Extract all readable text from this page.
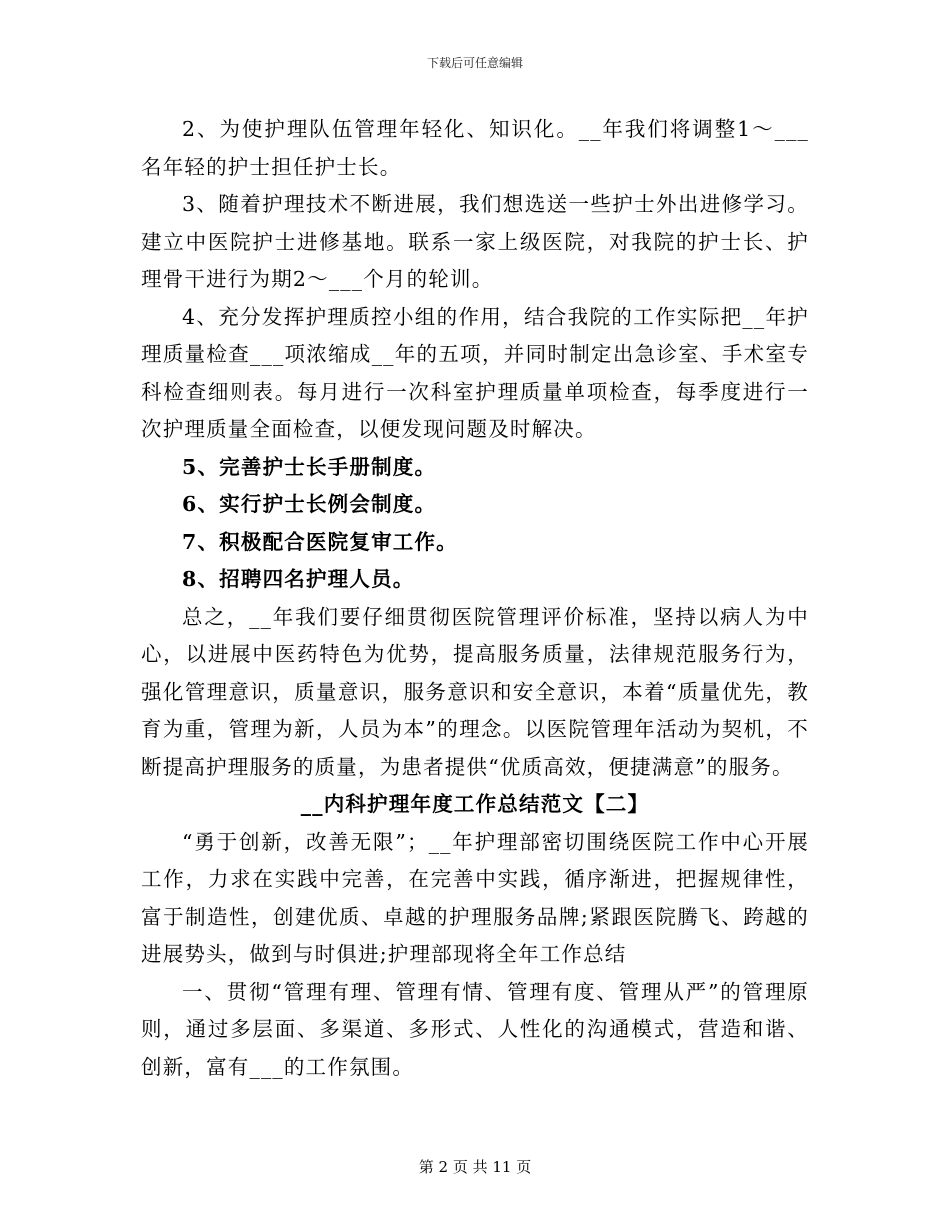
下载后可任意编辑

2、为使护理队伍管理年轻化、知识化。__年我们将调整1～___名年轻的护士担任护士长。

3、随着护理技术不断进展，我们想选送一些护士外出进修学习。建立中医院护士进修基地。联系一家上级医院，对我院的护士长、护理骨干进行为期2～___个月的轮训。

4、充分发挥护理质控小组的作用，结合我院的工作实际把__年护理质量检查___项浓缩成__年的五项，并同时制定出急诊室、手术室专科检查细则表。每月进行一次科室护理质量单项检查，每季度进行一次护理质量全面检查，以便发现问题及时解决。

5、完善护士长手册制度。

6、实行护士长例会制度。

7、积极配合医院复审工作。

8、招聘四名护理人员。

总之，__年我们要仔细贯彻医院管理评价标准，坚持以病人为中心，以进展中医药特色为优势，提高服务质量，法律规范服务行为，强化管理意识，质量意识，服务意识和安全意识，本着“质量优先，教育为重，管理为新，人员为本”的理念。以医院管理年活动为契机，不断提高护理服务的质量，为患者提供“优质高效，便捷满意”的服务。

__内科护理年度工作总结范文【二】

“勇于创新，改善无限”；__年护理部密切围绕医院工作中心开展工作，力求在实践中完善，在完善中实践，循序渐进，把握规律性，富于制造性，创建优质、卓越的护理服务品牌;紧跟医院腾飞、跨越的进展势头，做到与时俱进;护理部现将全年工作总结

一、贯彻“管理有理、管理有情、管理有度、管理从严”的管理原则，通过多层面、多渠道、多形式、人性化的沟通模式，营造和谐、创新，富有___的工作氛围。

第 2 页 共 11 页
